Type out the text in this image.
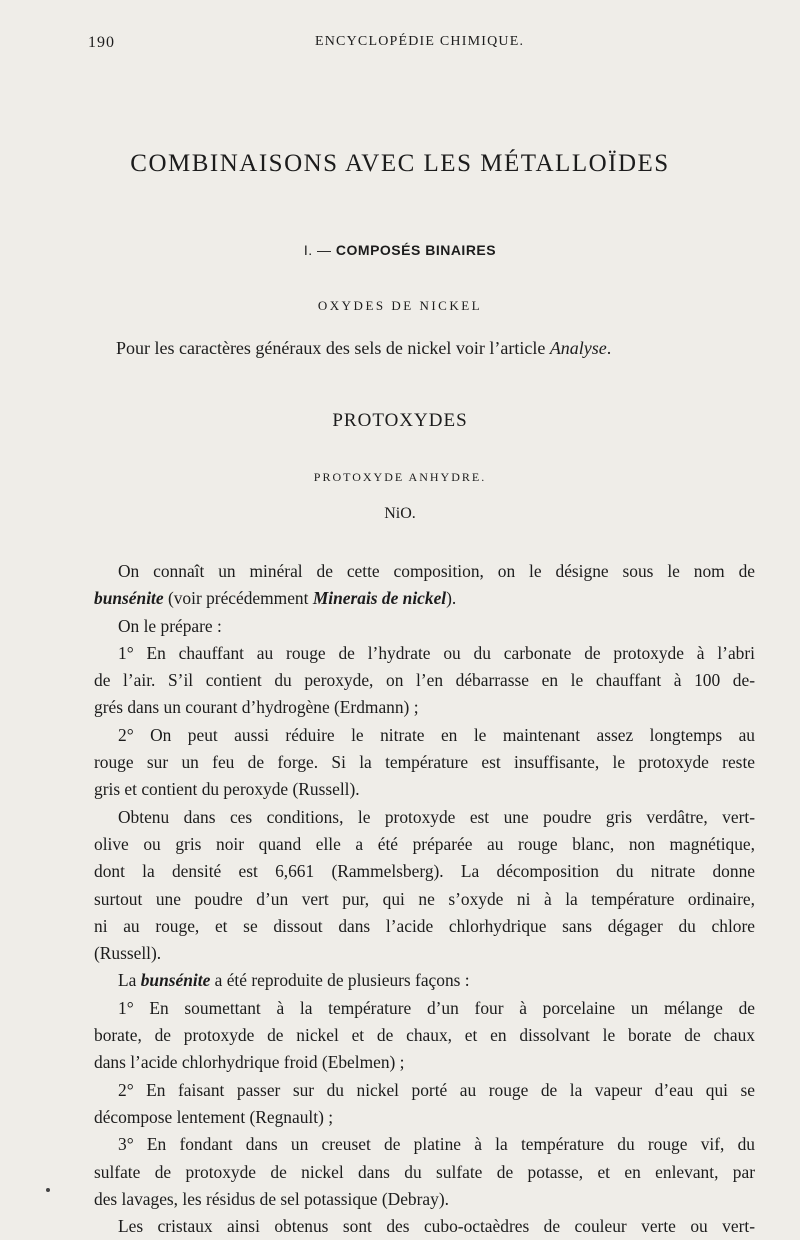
190	ENCYCLOPÉDIE CHIMIQUE.
COMBINAISONS AVEC LES MÉTALLOÏDES
I. — COMPOSÉS BINAIRES
OXYDES DE NICKEL
Pour les caractères généraux des sels de nickel voir l’article Analyse.
PROTOXYDES
PROTOXYDE ANHYDRE.
NiO.
On connaît un minéral de cette composition, on le désigne sous le nom de
bunsénite (voir précédemment Minerais de nickel).
On le prépare :
1° En chauffant au rouge de l’hydrate ou du carbonate de protoxyde à l’abri
de l’air. S’il contient du peroxyde, on l’en débarrasse en le chauffant à 100 de-
grés dans un courant d’hydrogène (Erdmann) ;
2° On peut aussi réduire le nitrate en le maintenant assez longtemps au
rouge sur un feu de forge. Si la température est insuffisante, le protoxyde reste
gris et contient du peroxyde (Russell).
Obtenu dans ces conditions, le protoxyde est une poudre gris verdâtre, vert-
olive ou gris noir quand elle a été préparée au rouge blanc, non magnétique,
dont la densité est 6,661 (Rammelsberg). La décomposition du nitrate donne
surtout une poudre d’un vert pur, qui ne s’oxyde ni à la température ordinaire,
ni au rouge, et se dissout dans l’acide chlorhydrique sans dégager du chlore
(Russell).
La bunsénite a été reproduite de plusieurs façons :
1° En soumettant à la température d’un four à porcelaine un mélange de
borate, de protoxyde de nickel et de chaux, et en dissolvant le borate de chaux
dans l’acide chlorhydrique froid (Ebelmen) ;
2° En faisant passer sur du nickel porté au rouge de la vapeur d’eau qui se
décompose lentement (Regnault) ;
3° En fondant dans un creuset de platine à la température du rouge vif, du
sulfate de protoxyde de nickel dans du sulfate de potasse, et en enlevant, par
des lavages, les résidus de sel potassique (Debray).
Les cristaux ainsi obtenus sont des cubo-octaèdres de couleur verte ou vert-
